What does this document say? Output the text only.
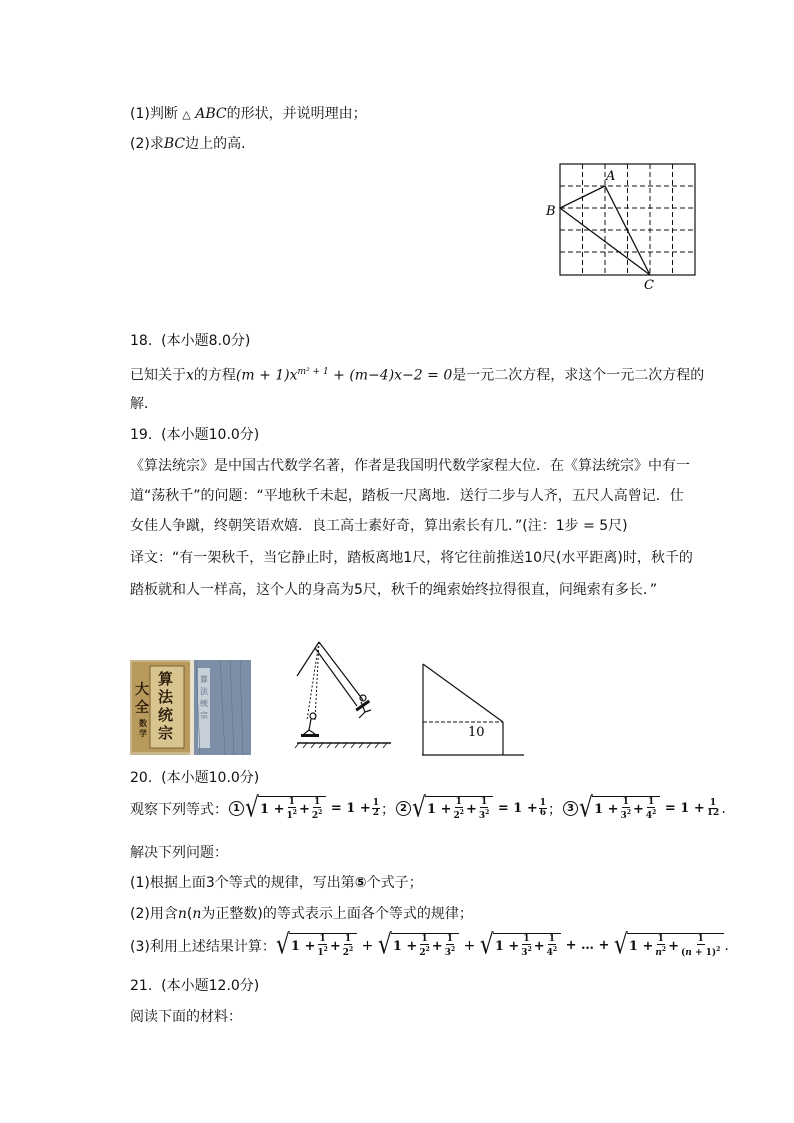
(1)判断 △ ABC的形状，并说明理由；
(2)求BC边上的高．
A
B
C
18. (本小题8.0分)
已知关于x的方程$(m + 1)x^{m^2 + 1} + (m-4)x-2 = 0$是一元二次方程，求这个一元二次方程的
解．
19. (本小题10.0分)
《算法统宗》是中国古代数学名著，作者是我国明代数学家程大位．在《算法统宗》中有一
道“荡秋千”的问题：“平地秋千未起，踏板一尺离地．送行二步与人齐，五尺人高曾记．仕
女佳人争蹴，终朝笑语欢嬉．良工高士素好奇，算出索长有几．”(注：1步 = 5尺)
译文：“有一架秋千，当它静止时，踏板离地1尺，将它往前推送10尺(水平距离)时，秋千的
踏板就和人一样高，这个人的身高为5尺，秋千的绳索始终拉得很直，问绳索有多长．”
算
法
统
宗
大
全
数
学
算
法
统
宗
10
20. (本小题10.0分)
观察下列等式： 1 √ 1
+ $\frac{1}{1^2} + \frac{1}{2^2}$
= $1 + \frac{1}{2}$ ； 2 √ 1
+ $\frac{1}{2^2} + \frac{1}{3^2}$
= $1 + \frac{1}{6}$ ； 3 √ 1
+ $\frac{1}{3^2} + \frac{1}{4^2}$
= $1 + \frac{1}{12}$ .
解决下列问题：
(1)根据上面3个等式的规律，写出第⑤个式子；
(2)用含n(n为正整数)的等式表示上面各个等式的规律；
(3)利用上述结果计算： √ 1
+ $\frac{1}{1^2} + \frac{1}{2^2}$
+
√ 1
+ $\frac{1}{2^2} + \frac{1}{3^2}$
+
√ 1
+ $\frac{1}{3^2} + \frac{1}{4^2}$
+ … +
√ 1 + 1
$n^2 + 1$
$(n + 1)^2$ .
21. (本小题12.0分)
阅读下面的材料：
